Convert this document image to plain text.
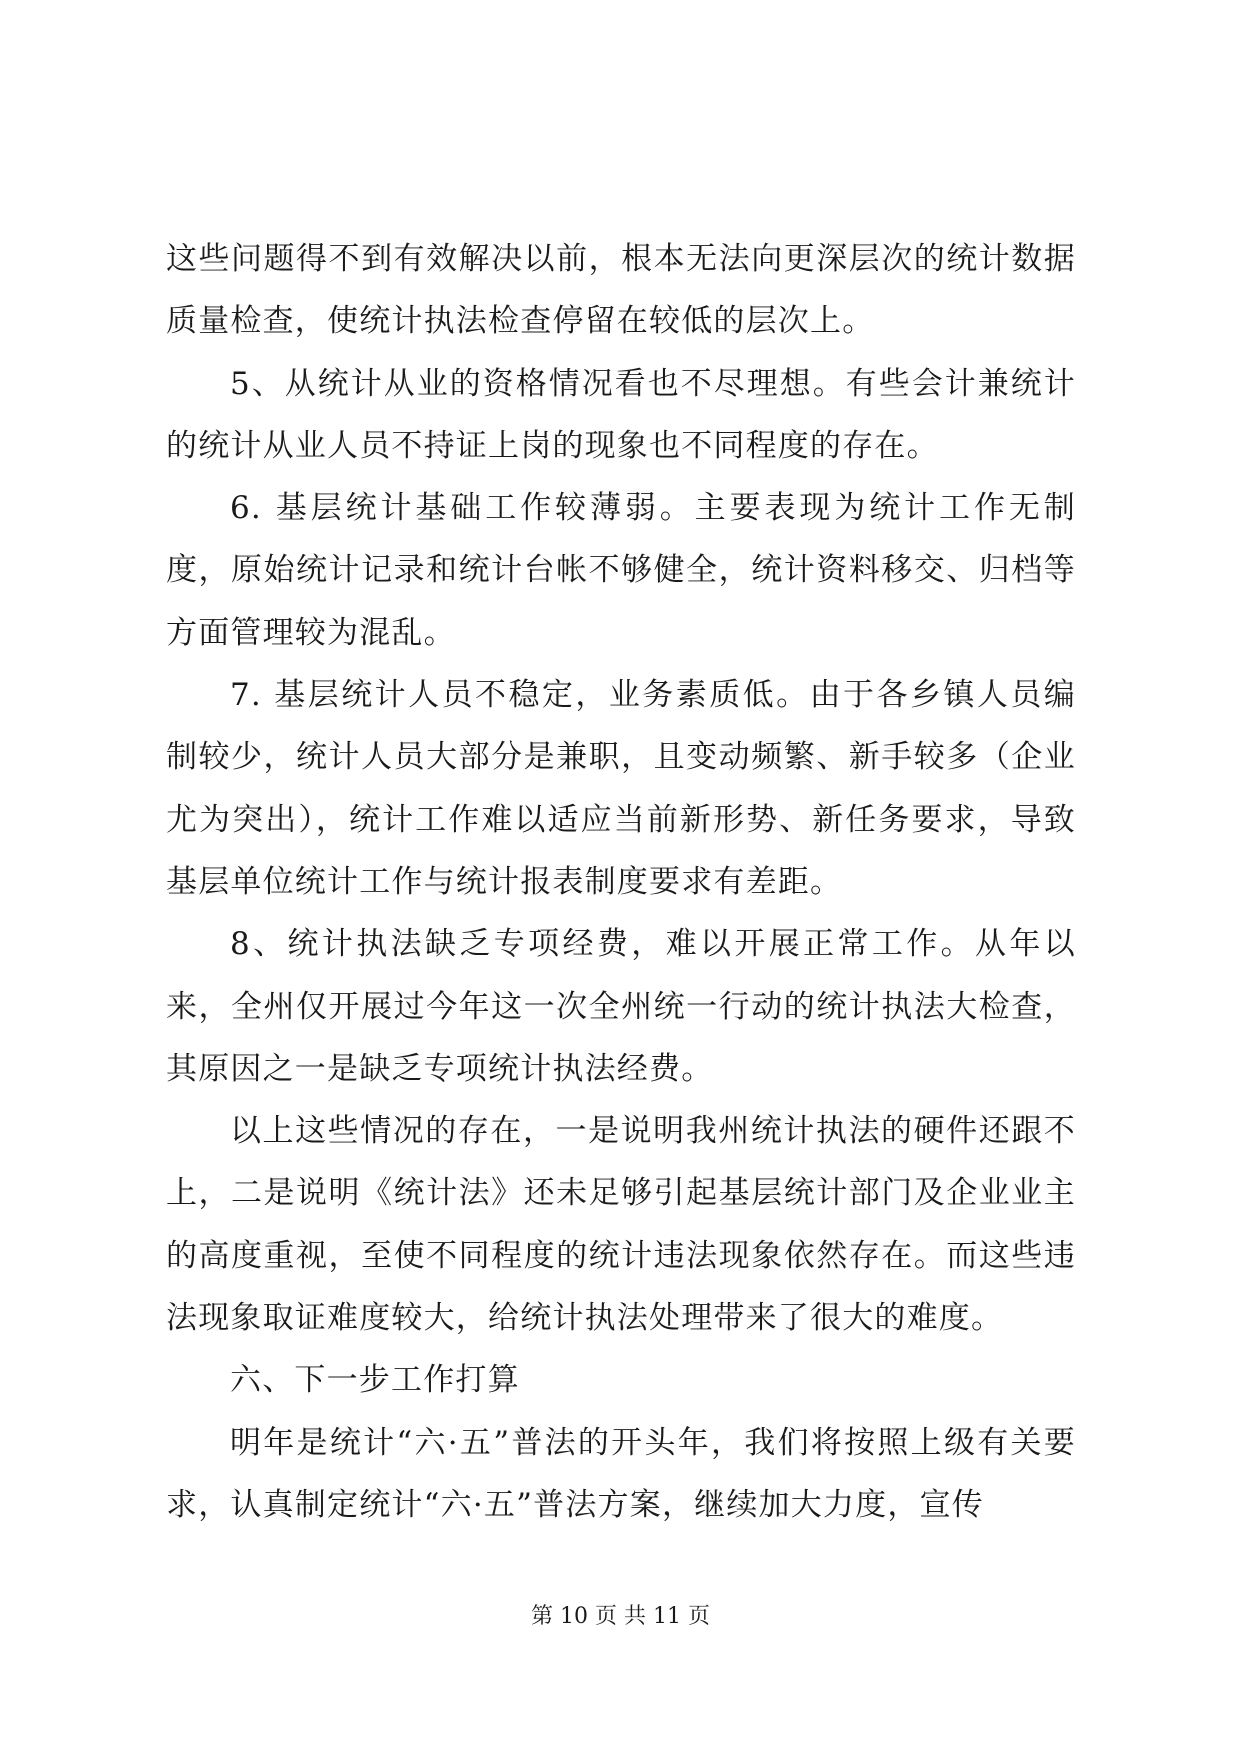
这些问题得不到有效解决以前，根本无法向更深层次的统计数据质量检查，使统计执法检查停留在较低的层次上。

5、从统计从业的资格情况看也不尽理想。有些会计兼统计的统计从业人员不持证上岗的现象也不同程度的存在。

6. 基层统计基础工作较薄弱。主要表现为统计工作无制度，原始统计记录和统计台帐不够健全，统计资料移交、归档等方面管理较为混乱。

7. 基层统计人员不稳定，业务素质低。由于各乡镇人员编制较少，统计人员大部分是兼职，且变动频繁、新手较多（企业尤为突出），统计工作难以适应当前新形势、新任务要求，导致基层单位统计工作与统计报表制度要求有差距。

8、统计执法缺乏专项经费，难以开展正常工作。从年以来，全州仅开展过今年这一次全州统一行动的统计执法大检查，其原因之一是缺乏专项统计执法经费。

以上这些情况的存在，一是说明我州统计执法的硬件还跟不上，二是说明《统计法》还未足够引起基层统计部门及企业业主的高度重视，至使不同程度的统计违法现象依然存在。而这些违法现象取证难度较大，给统计执法处理带来了很大的难度。

六、下一步工作打算

明年是统计“六·五”普法的开头年，我们将按照上级有关要求，认真制定统计“六·五”普法方案，继续加大力度，宣传

第 10 页 共 11 页
